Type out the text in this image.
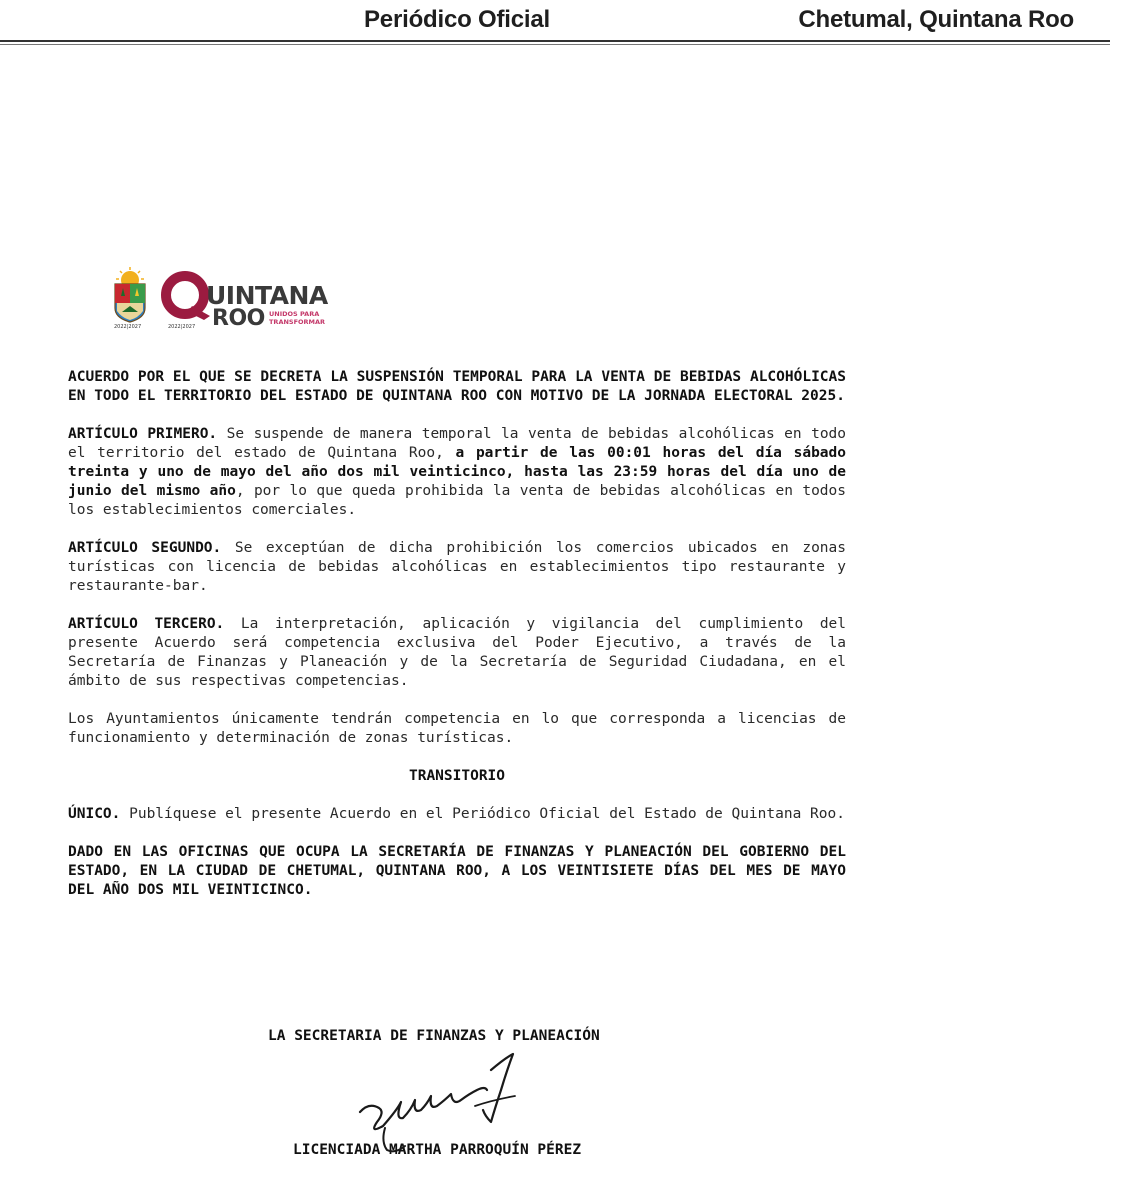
Periódico Oficial	Chetumal, Quintana Roo
2022|2027	2022|2027
UINTANA
ROO UNIDOS PARA
TRANSFORMAR

ACUERDO POR EL QUE SE DECRETA LA SUSPENSIÓN TEMPORAL PARA LA VENTA DE BEBIDAS ALCOHÓLICAS EN TODO EL TERRITORIO DEL ESTADO DE QUINTANA ROO CON MOTIVO DE LA JORNADA ELECTORAL 2025.

ARTÍCULO PRIMERO. Se suspende de manera temporal la venta de bebidas alcohólicas en todo el territorio del estado de Quintana Roo, a partir de las 00:01 horas del día sábado treinta y uno de mayo del año dos mil veinticinco, hasta las 23:59 horas del día uno de junio del mismo año, por lo que queda prohibida la venta de bebidas alcohólicas en todos los establecimientos comerciales.

ARTÍCULO SEGUNDO. Se exceptúan de dicha prohibición los comercios ubicados en zonas turísticas con licencia de bebidas alcohólicas en establecimientos tipo restaurante y restaurante-bar.

ARTÍCULO TERCERO. La interpretación, aplicación y vigilancia del cumplimiento del presente Acuerdo será competencia exclusiva del Poder Ejecutivo, a través de la Secretaría de Finanzas y Planeación y de la Secretaría de Seguridad Ciudadana, en el ámbito de sus respectivas competencias.

Los Ayuntamientos únicamente tendrán competencia en lo que corresponda a licencias de funcionamiento y determinación de zonas turísticas.

TRANSITORIO

ÚNICO. Publíquese el presente Acuerdo en el Periódico Oficial del Estado de Quintana Roo.

DADO EN LAS OFICINAS QUE OCUPA LA SECRETARÍA DE FINANZAS Y PLANEACIÓN DEL GOBIERNO DEL ESTADO, EN LA CIUDAD DE CHETUMAL, QUINTANA ROO, A LOS VEINTISIETE DÍAS DEL MES DE MAYO DEL AÑO DOS MIL VEINTICINCO.

LA SECRETARIA DE FINANZAS Y PLANEACIÓN
LICENCIADA MARTHA PARROQUÍN PÉREZ
